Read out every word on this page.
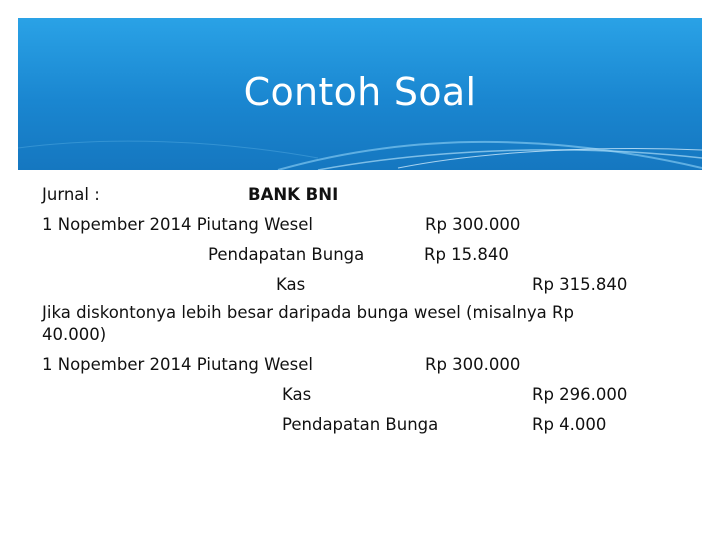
Contoh Soal
Jurnal :	BANK BNI
1 Nopember 2014 Piutang Wesel	Rp 300.000
Pendapatan Bunga	Rp 15.840
Kas	Rp 315.840
Jika diskontonya lebih besar daripada bunga wesel (misalnya Rp
40.000)
1 Nopember 2014 Piutang Wesel	Rp 300.000
Kas	Rp 296.000
Pendapatan Bunga	Rp 4.000
